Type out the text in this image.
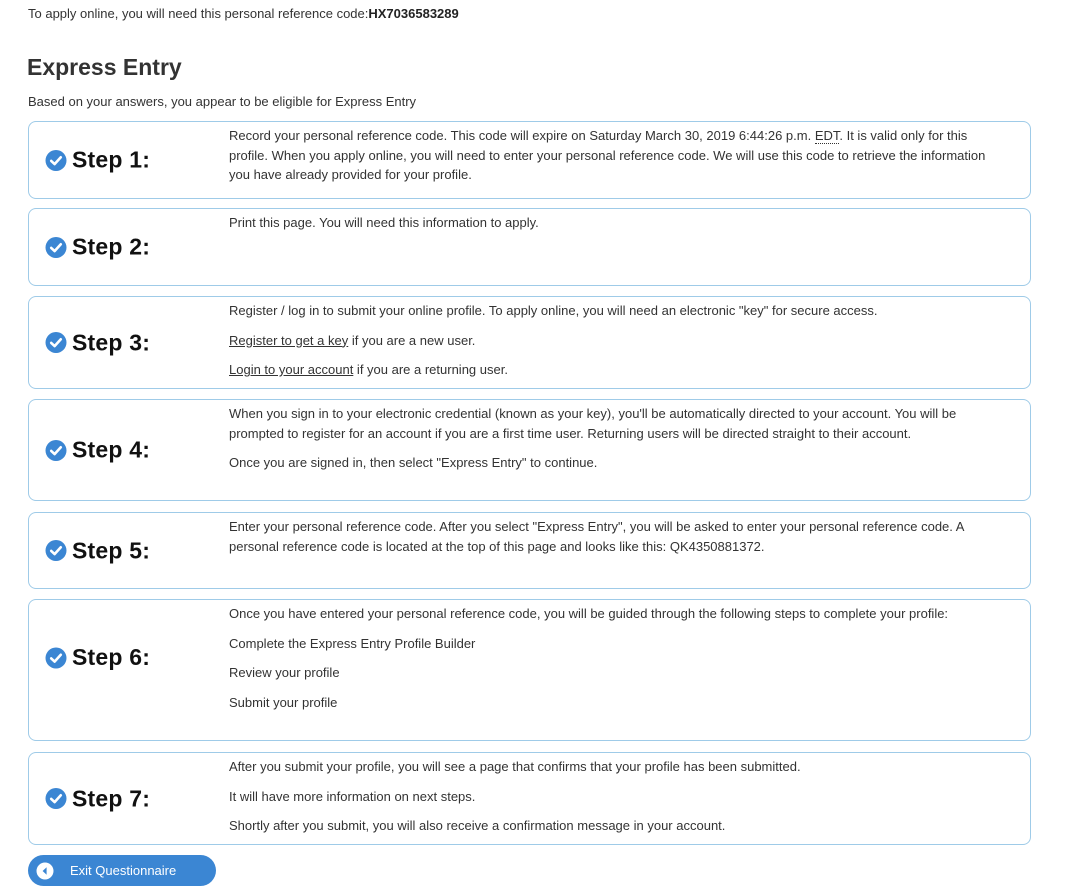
To apply online, you will need this personal reference code:HX7036583289
Express Entry
Based on your answers, you appear to be eligible for Express Entry
Step 1:

Record your personal reference code. This code will expire on Saturday March 30, 2019 6:44:26 p.m. EDT. It is valid only for this profile. When you apply online, you will need to enter your personal reference code. We will use this code to retrieve the information you have already provided for your profile.

Step 2:

Print this page. You will need this information to apply.

Step 3:

Register / log in to submit your online profile. To apply online, you will need an electronic "key" for secure access.

Register to get a key if you are a new user.

Login to your account if you are a returning user.

Step 4:

When you sign in to your electronic credential (known as your key), you'll be automatically directed to your account. You will be prompted to register for an account if you are a first time user. Returning users will be directed straight to their account.

Once you are signed in, then select "Express Entry" to continue.

Step 5:

Enter your personal reference code. After you select "Express Entry", you will be asked to enter your personal reference code. A personal reference code is located at the top of this page and looks like this: QK4350881372.

Step 6:

Once you have entered your personal reference code, you will be guided through the following steps to complete your profile:

Complete the Express Entry Profile Builder

Review your profile

Submit your profile

Step 7:

After you submit your profile, you will see a page that confirms that your profile has been submitted.

It will have more information on next steps.

Shortly after you submit, you will also receive a confirmation message in your account.

Exit Questionnaire
